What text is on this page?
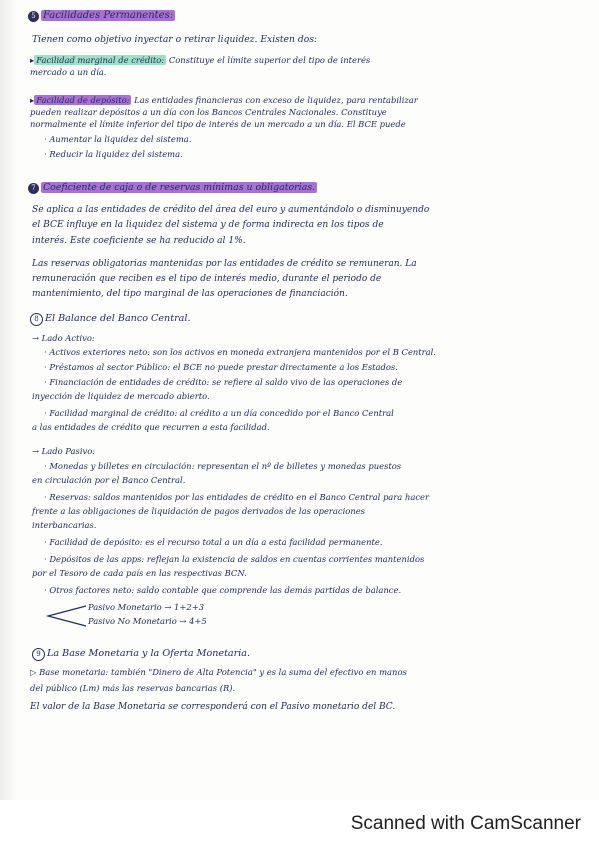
5 Facilidades Permanentes:
Tienen como objetivo inyectar o retirar liquidez. Existen dos:
▸ Facilidad marginal de crédito: Constituye el límite superior del tipo de interés
mercado a un día.
▸ Facilidad de depósito: Las entidades financieras con exceso de liquidez, para rentabilizar
pueden realizar depósitos a un día con los Bancos Centrales Nacionales. Constituye
normalmente el límite inferior del tipo de interés de un mercado a un día. El BCE puede
· Aumentar la liquidez del sistema.
· Reducir la liquidez del sistema.
7 Coeficiente de caja o de reservas mínimas u obligatorias.
Se aplica a las entidades de crédito del área del euro y aumentándolo o disminuyendo
el BCE influye en la liquidez del sistema y de forma indirecta en los tipos de
interés. Este coeficiente se ha reducido al 1%.
Las reservas obligatorias mantenidas por las entidades de crédito se remuneran. La
remuneración que reciben es el tipo de interés medio, durante el periodo de
mantenimiento, del tipo marginal de las operaciones de financiación.
8 El Balance del Banco Central.
→ Lado Activo:
· Activos exteriores neto: son los activos en moneda extranjera mantenidos por el B Central.
· Préstamos al sector Público: el BCE no puede prestar directamente a los Estados.
· Financiación de entidades de crédito: se refiere al saldo vivo de las operaciones de
inyección de liquidez de mercado abierto.
· Facilidad marginal de crédito: al crédito a un día concedido por el Banco Central
a las entidades de crédito que recurren a esta facilidad.
→ Lado Pasivo:
· Monedas y billetes en circulación: representan el nº de billetes y monedas puestos
en circulación por el Banco Central.
· Reservas: saldos mantenidos por las entidades de crédito en el Banco Central para hacer
frente a las obligaciones de liquidación de pagos derivados de las operaciones
interbancarias.
· Facilidad de depósito: es el recurso total a un día a esta facilidad permanente.
· Depósitos de las apps: reflejan la existencia de saldos en cuentas corrientes mantenidos
por el Tesoro de cada país en las respectivas BCN.
· Otros factores neto: saldo contable que comprende las demás partidas de balance.
Pasivo Monetario → 1+2+3
Pasivo No Monetario → 4+5
9 La Base Monetaria y la Oferta Monetaria.
▷ Base monetaria: también "Dinero de Alta Potencia" y es la suma del efectivo en manos
del público (Lm) más las reservas bancarias (R).
El valor de la Base Monetaria se corresponderá con el Pasivo monetario del BC.
Scanned with CamScanner
